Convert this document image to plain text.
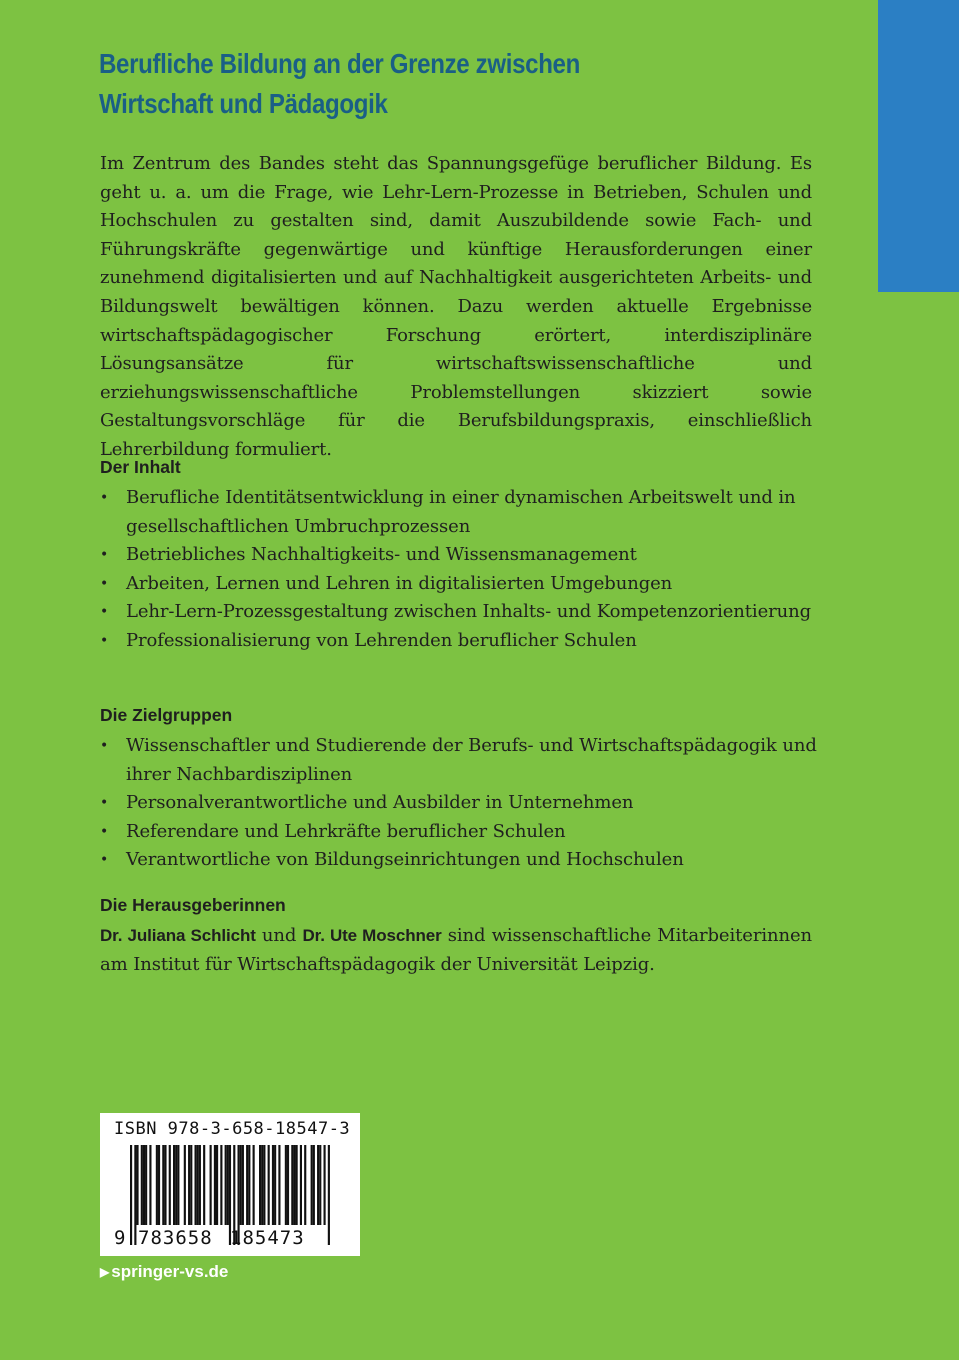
Berufliche Bildung an der Grenze zwischen
Wirtschaft und Pädagogik

Im Zentrum des Bandes steht das Spannungsgefüge beruflicher Bildung. Es geht u. a. um die Frage, wie Lehr-Lern-Prozesse in Betrieben, Schulen und Hochschulen zu gestalten sind, damit Auszubildende sowie Fach- und Führungskräfte gegenwärtige und künftige Herausforderungen einer zunehmend digitalisierten und auf Nachhaltigkeit ausgerichteten Arbeits- und Bildungswelt bewältigen können. Dazu werden aktuelle Ergebnisse wirtschaftspädagogischer Forschung erörtert, interdisziplinäre Lösungsansätze für wirtschaftswissenschaftliche und erziehungswissenschaftliche Problemstellungen skizziert sowie Gestaltungsvorschläge für die Berufsbildungspraxis, einschließlich Lehrerbildung formuliert.

Der Inhalt
• Berufliche Identitätsentwicklung in einer dynamischen Arbeitswelt und in gesellschaftlichen Umbruchprozessen
• Betriebliches Nachhaltigkeits- und Wissensmanagement
• Arbeiten, Lernen und Lehren in digitalisierten Umgebungen
• Lehr-Lern-Prozessgestaltung zwischen Inhalts- und Kompetenzorientierung
• Professionalisierung von Lehrenden beruflicher Schulen
Die Zielgruppen
• Wissenschaftler und Studierende der Berufs- und Wirtschaftspädagogik und ihrer Nachbardisziplinen
• Personalverantwortliche und Ausbilder in Unternehmen
• Referendare und Lehrkräfte beruflicher Schulen
• Verantwortliche von Bildungseinrichtungen und Hochschulen
Die Herausgeberinnen

Dr. Juliana Schlicht und Dr. Ute Moschner sind wissenschaftliche Mitarbeiterinnen am Institut für Wirtschaftspädagogik der Universität Leipzig.

ISBN 978-3-658-18547-3
9 783658 185473
▶ springer-vs.de
